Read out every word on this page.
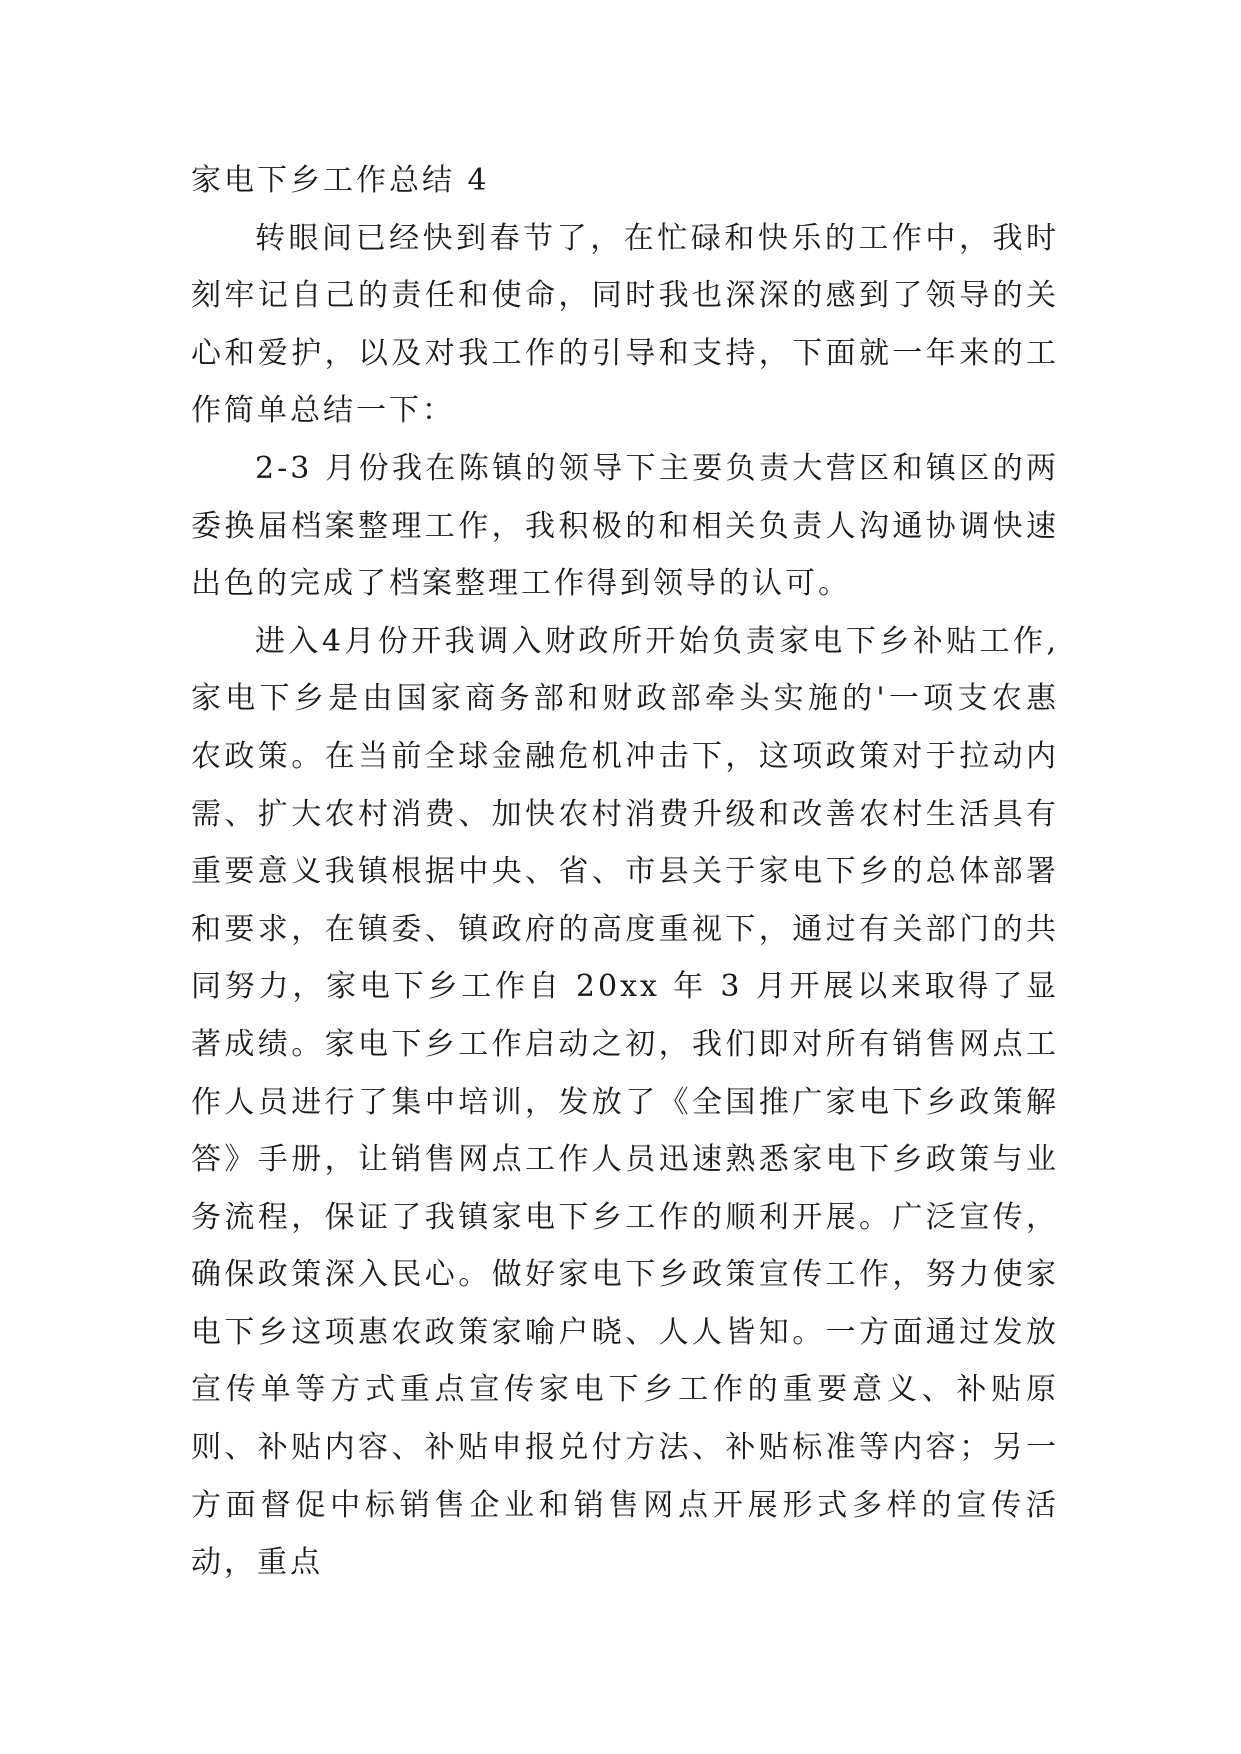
家电下乡工作总结 4

转眼间已经快到春节了，在忙碌和快乐的工作中，我时刻牢记自己的责任和使命，同时我也深深的感到了领导的关心和爱护，以及对我工作的引导和支持，下面就一年来的工作简单总结一下：

2-3 月份我在陈镇的领导下主要负责大营区和镇区的两委换届档案整理工作，我积极的和相关负责人沟通协调快速出色的完成了档案整理工作得到领导的认可。

进入4月份开我调入财政所开始负责家电下乡补贴工作,家电下乡是由国家商务部和财政部牵头实施的'一项支农惠农政策。在当前全球金融危机冲击下，这项政策对于拉动内需、扩大农村消费、加快农村消费升级和改善农村生活具有重要意义我镇根据中央、省、市县关于家电下乡的总体部署和要求，在镇委、镇政府的高度重视下，通过有关部门的共同努力，家电下乡工作自 20xx 年 3 月开展以来取得了显著成绩。家电下乡工作启动之初，我们即对所有销售网点工作人员进行了集中培训，发放了《全国推广家电下乡政策解答》手册，让销售网点工作人员迅速熟悉家电下乡政策与业务流程，保证了我镇家电下乡工作的顺利开展。广泛宣传，确保政策深入民心。做好家电下乡政策宣传工作，努力使家电下乡这项惠农政策家喻户晓、人人皆知。一方面通过发放宣传单等方式重点宣传家电下乡工作的重要意义、补贴原则、补贴内容、补贴申报兑付方法、补贴标准等内容；另一方面督促中标销售企业和销售网点开展形式多样的宣传活动，重点
